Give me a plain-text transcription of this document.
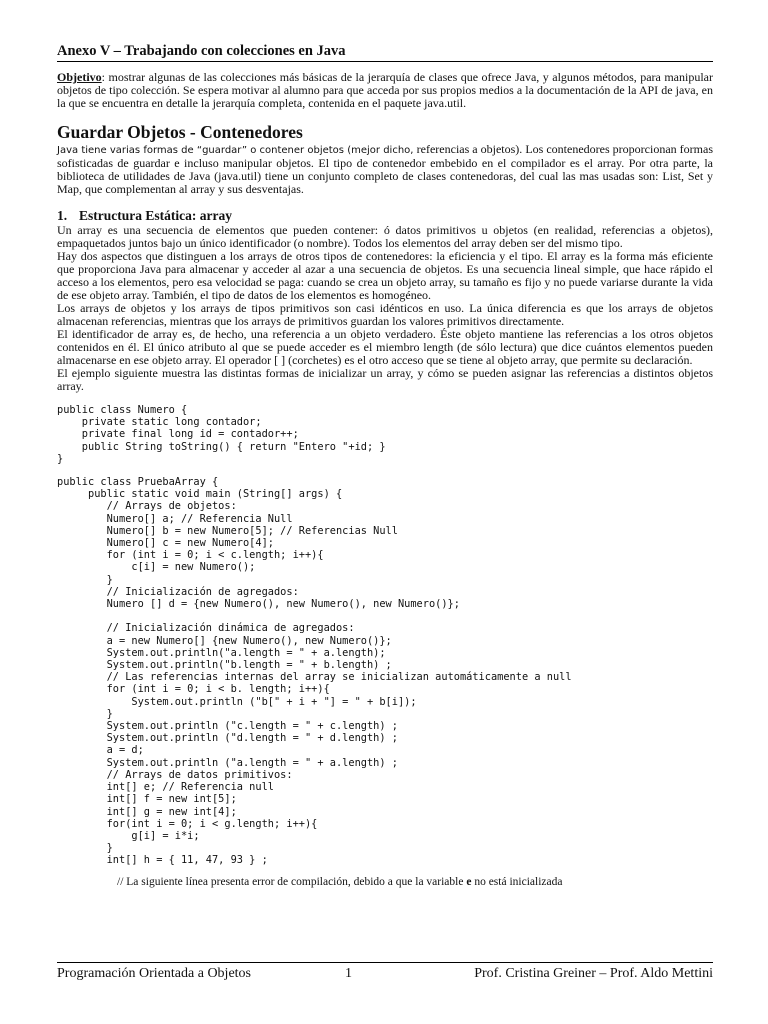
Anexo V – Trabajando con colecciones en Java

Objetivo: mostrar algunas de las colecciones más básicas de la jerarquía de clases que ofrece Java, y algunos métodos, para manipular objetos de tipo colección. Se espera motivar al alumno para que acceda por sus propios medios a la documentación de la API de java, en la que se encuentra en detalle la jerarquía completa, contenida en el paquete java.util.

Guardar Objetos - Contenedores

Java tiene varias formas de “guardar” o contener objetos (mejor dicho, referencias a objetos). Los contenedores proporcionan formas sofisticadas de guardar e incluso manipular objetos. El tipo de contenedor embebido en el compilador es el array. Por otra parte, la biblioteca de utilidades de Java (java.util) tiene un conjunto completo de clases contenedoras, del cual las mas usadas son: List, Set y Map, que complementan al array y sus desventajas.

1. Estructura Estática: array

Un array es una secuencia de elementos que pueden contener: ó datos primitivos u objetos (en realidad, referencias a objetos), empaquetados juntos bajo un único identificador (o nombre). Todos los elementos del array deben ser del mismo tipo.

Hay dos aspectos que distinguen a los arrays de otros tipos de contenedores: la eficiencia y el tipo. El array es la forma más eficiente que proporciona Java para almacenar y acceder al azar a una secuencia de objetos. Es una secuencia lineal simple, que hace rápido el acceso a los elementos, pero esa velocidad se paga: cuando se crea un objeto array, su tamaño es fijo y no puede variarse durante la vida de ese objeto array. También, el tipo de datos de los elementos es homogéneo.

Los arrays de objetos y los arrays de tipos primitivos son casi idénticos en uso. La única diferencia es que los arrays de objetos almacenan referencias, mientras que los arrays de primitivos guardan los valores primitivos directamente.

El identificador de array es, de hecho, una referencia a un objeto verdadero. Éste objeto mantiene las referencias a los otros objetos contenidos en él. El único atributo al que se puede acceder es el miembro length (de sólo lectura) que dice cuántos elementos pueden almacenarse en ese objeto array. El operador [ ] (corchetes) es el otro acceso que se tiene al objeto array, que permite su declaración.

El ejemplo siguiente muestra las distintas formas de inicializar un array, y cómo se pueden asignar las referencias a distintos objetos array.

public class Numero {
private static long contador;
private final long id = contador++;
public String toString() { return "Entero "+id; }
}
public class PruebaArray {
public static void main (String[] args) {
// Arrays de objetos:
Numero[] a; // Referencia Null
Numero[] b = new Numero[5]; // Referencias Null
Numero[] c = new Numero[4];
for (int i = 0; i < c.length; i++){
c[i] = new Numero();
}
// Inicialización de agregados:
Numero [] d = {new Numero(), new Numero(), new Numero()};

// Inicialización dinámica de agregados:
a = new Numero[] {new Numero(), new Numero()};
System.out.println("a.length = " + a.length);
System.out.println("b.length = " + b.length) ;
// Las referencias internas del array se inicializan automáticamente a null
for (int i = 0; i < b. length; i++){
System.out.println ("b[" + i + "] = " + b[i]);
}
System.out.println ("c.length = " + c.length) ;
System.out.println ("d.length = " + d.length) ;
a = d;
System.out.println ("a.length = " + a.length) ;
// Arrays de datos primitivos:
int[] e; // Referencia null
int[] f = new int[5];
int[] g = new int[4];
for(int i = 0; i < g.length; i++){
g[i] = i*i;
}
int[] h = { 11, 47, 93 } ;

// La siguiente línea presenta error de compilación, debido a que la variable e no está inicializada

Programación Orientada a Objetos	1	Prof. Cristina Greiner – Prof. Aldo Mettini
